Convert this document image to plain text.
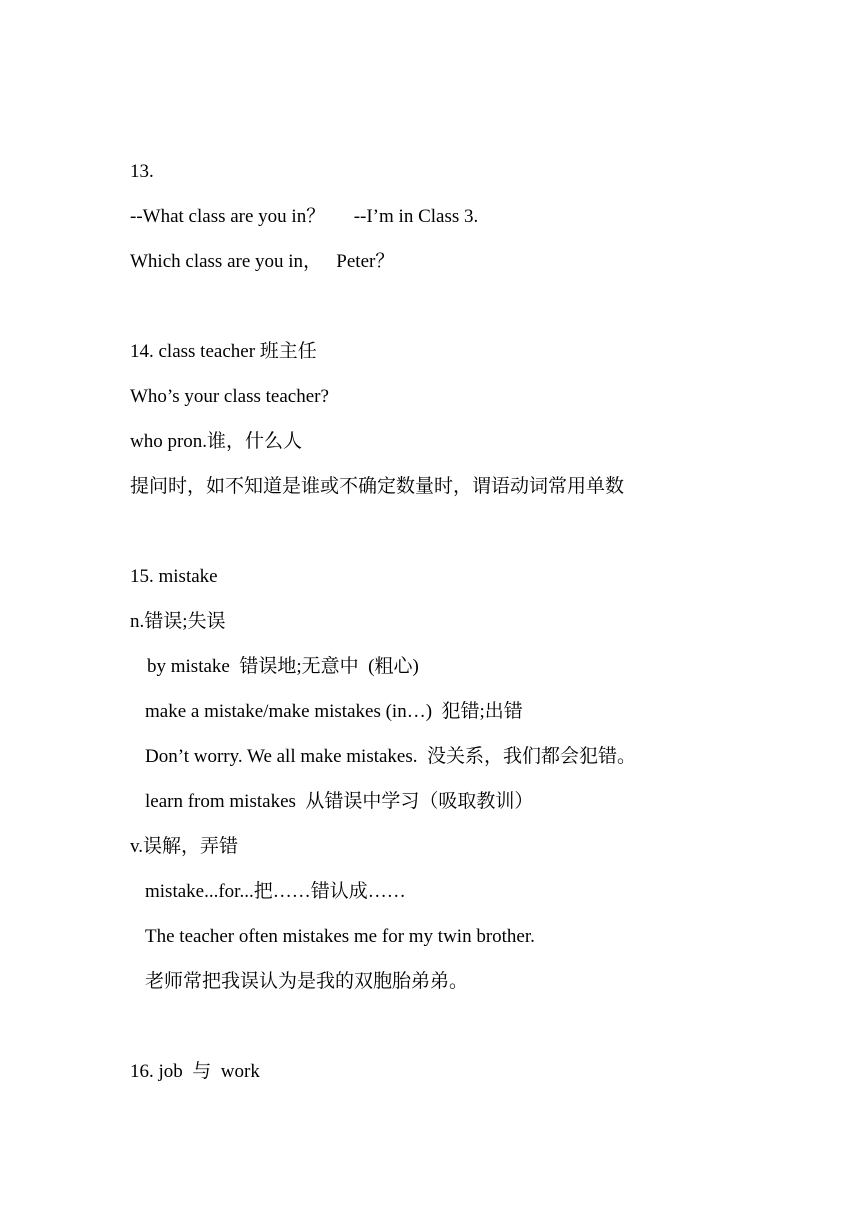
13.
--What class are you in？      --I’m in Class 3.
Which class are you in，   Peter？
14. class teacher 班主任
Who’s your class teacher?
who pron.谁，什么人
提问时，如不知道是谁或不确定数量时，谓语动词常用单数
15. mistake
n.错误;失误
by mistake  错误地;无意中  (粗心)
make a mistake/make mistakes (in…)  犯错;出错
Don’t worry. We all make mistakes.  没关系，我们都会犯错。
learn from mistakes  从错误中学习（吸取教训）
v.误解，弄错
mistake...for...把……错认成……
The teacher often mistakes me for my twin brother.
老师常把我误认为是我的双胞胎弟弟。
16. job  与  work
